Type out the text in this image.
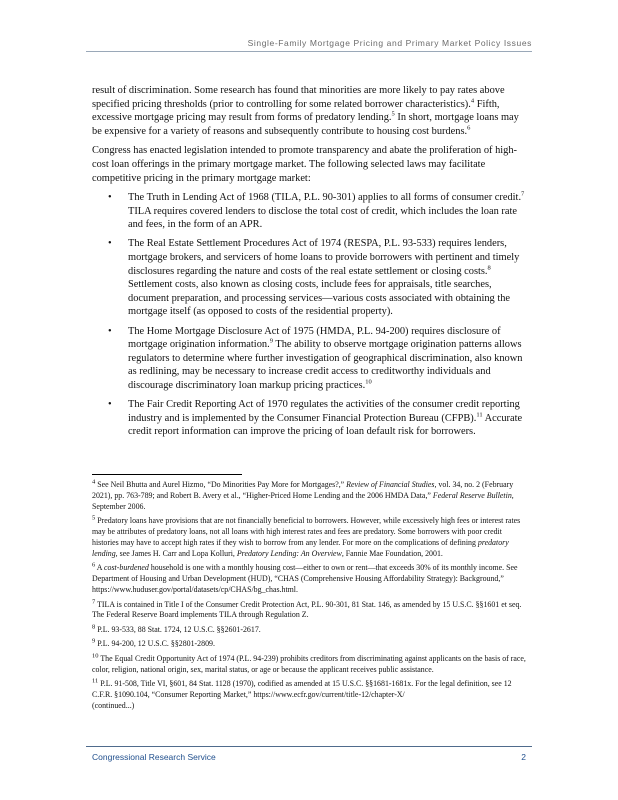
Single-Family Mortgage Pricing and Primary Market Policy Issues

result of discrimination. Some research has found that minorities are more likely to pay rates above specified pricing thresholds (prior to controlling for some related borrower characteristics).$^4$ Fifth, excessive mortgage pricing may result from forms of predatory lending.$^5$ In short, mortgage loans may be expensive for a variety of reasons and subsequently contribute to housing cost burdens.$^6$

Congress has enacted legislation intended to promote transparency and abate the proliferation of high-cost loan offerings in the primary mortgage market. The following selected laws may facilitate competitive pricing in the primary mortgage market:

• The Truth in Lending Act of 1968 (TILA, P.L. 90-301) applies to all forms of consumer credit.$^7$ TILA requires covered lenders to disclose the total cost of credit, which includes the loan rate and fees, in the form of an APR.
• The Real Estate Settlement Procedures Act of 1974 (RESPA, P.L. 93-533) requires lenders, mortgage brokers, and servicers of home loans to provide borrowers with pertinent and timely disclosures regarding the nature and costs of the real estate settlement or closing costs.$^8$ Settlement costs, also known as closing costs, include fees for appraisals, title searches, document preparation, and processing services—various costs associated with obtaining the mortgage itself (as opposed to costs of the residential property).
• The Home Mortgage Disclosure Act of 1975 (HMDA, P.L. 94-200) requires disclosure of mortgage origination information.$^9$ The ability to observe mortgage origination patterns allows regulators to determine where further investigation of geographical discrimination, also known as redlining, may be necessary to increase credit access to creditworthy individuals and discourage discriminatory loan markup pricing practices.$^{10}$
• The Fair Credit Reporting Act of 1970 regulates the activities of the consumer credit reporting industry and is implemented by the Consumer Financial Protection Bureau (CFPB).$^{11}$ Accurate credit report information can improve the pricing of loan default risk for borrowers.

$^4$ See Neil Bhutta and Aurel Hizmo, “Do Minorities Pay More for Mortgages?,” Review of Financial Studies, vol. 34, no. 2 (February 2021), pp. 763-789; and Robert B. Avery et al., “Higher-Priced Home Lending and the 2006 HMDA Data,” Federal Reserve Bulletin, September 2006.

$^5$ Predatory loans have provisions that are not financially beneficial to borrowers. However, while excessively high fees or interest rates may be attributes of predatory loans, not all loans with high interest rates and fees are predatory. Some borrowers with poor credit histories may have to accept high rates if they wish to borrow from any lender. For more on the complications of defining predatory lending, see James H. Carr and Lopa Kolluri, Predatory Lending: An Overview, Fannie Mae Foundation, 2001.

$^6$ A cost-burdened household is one with a monthly housing cost—either to own or rent—that exceeds 30% of its monthly income. See Department of Housing and Urban Development (HUD), “CHAS (Comprehensive Housing Affordability Strategy): Background,” https://www.huduser.gov/portal/datasets/cp/CHAS/bg_chas.html.

$^7$ TILA is contained in Title I of the Consumer Credit Protection Act, P.L. 90-301, 81 Stat. 146, as amended by 15 U.S.C. §§1601 et seq. The Federal Reserve Board implements TILA through Regulation Z.

$^8$ P.L. 93-533, 88 Stat. 1724, 12 U.S.C. §§2601-2617.

$^9$ P.L. 94-200, 12 U.S.C. §§2801-2809.

$^{10}$ The Equal Credit Opportunity Act of 1974 (P.L. 94-239) prohibits creditors from discriminating against applicants on the basis of race, color, religion, national origin, sex, marital status, or age or because the applicant receives public assistance.

$^{11}$ P.L. 91-508, Title VI, §601, 84 Stat. 1128 (1970), codified as amended at 15 U.S.C. §§1681-1681x. For the legal definition, see 12 C.F.R. §1090.104, “Consumer Reporting Market,” https://www.ecfr.gov/current/title-12/chapter-X/
(continued...)

Congressional Research Service	2
